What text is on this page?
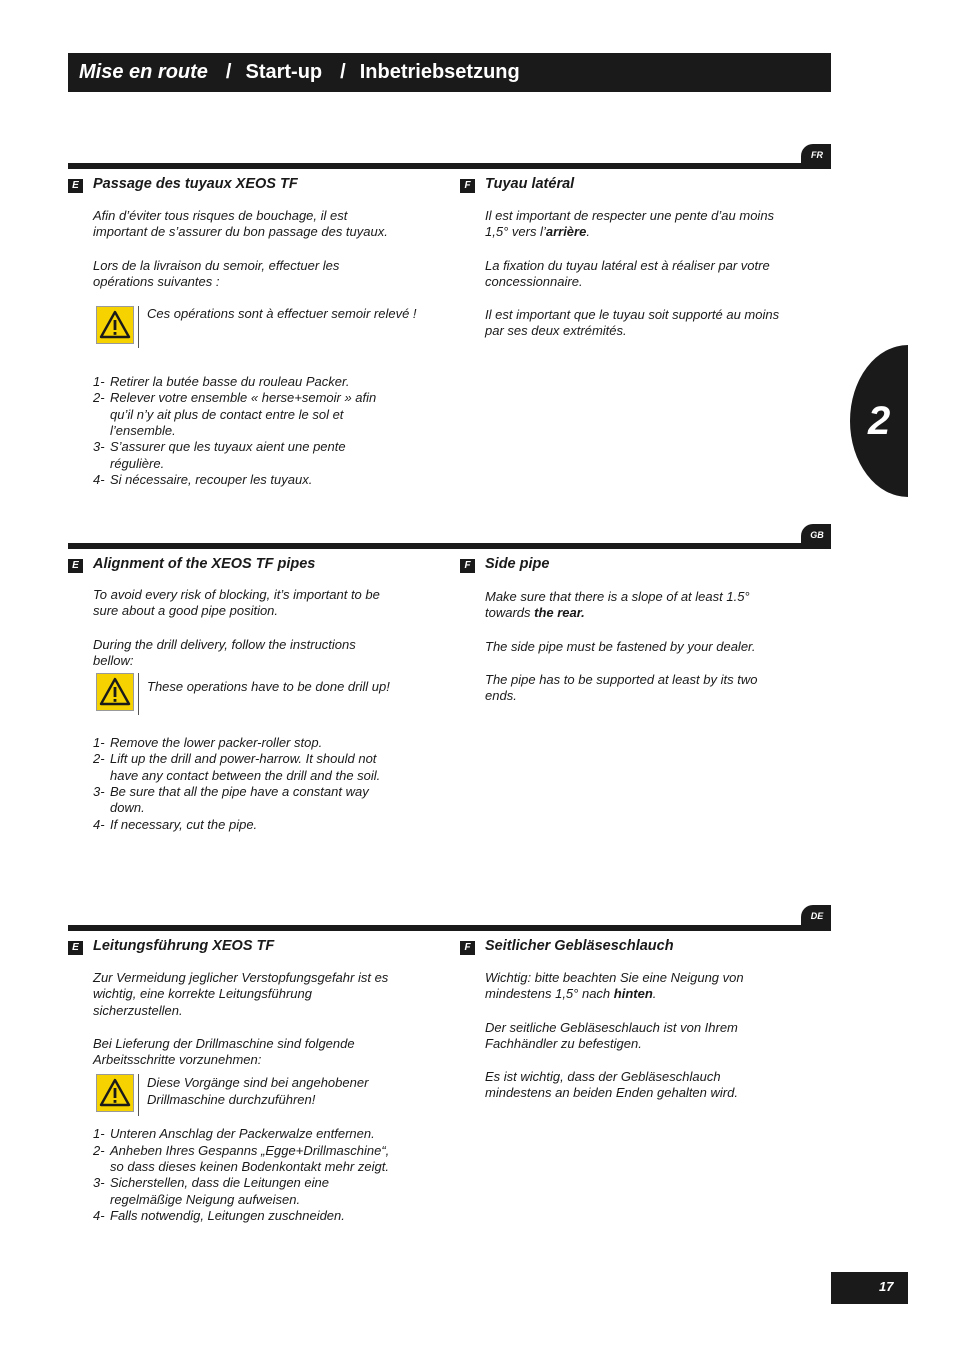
Mise en route / Start-up / Inbetriebsetzung
2
FR
E Passage des tuyaux XEOS TF

Afin d’éviter tous risques de bouchage, il est important de s’assurer du bon passage des tuyaux.

Lors de la livraison du semoir, effectuer les opérations suivantes :

Ces opérations sont à effectuer semoir relevé !
1- Retirer la butée basse du rouleau Packer.
2- Relever votre ensemble « herse+semoir » afin qu’il n’y ait plus de contact entre le sol et l’ensemble.
3- S’assurer que les tuyaux aient une pente régulière.
4- Si nécessaire, recouper les tuyaux.
F Tuyau latéral

Il est important de respecter une pente d’au moins 1,5° vers l’arrière.

La fixation du tuyau latéral est à réaliser par votre concessionnaire.

Il est important que le tuyau soit supporté au moins par ses deux extrémités.

GB
E Alignment of the XEOS TF pipes

To avoid every risk of blocking, it’s important to be sure about a good pipe position.

During the drill delivery, follow the instructions bellow:

These operations have to be done drill up!
1- Remove the lower packer-roller stop.
2- Lift up the drill and power-harrow. It should not have any contact between the drill and the soil.
3- Be sure that all the pipe have a constant way down.
4- If necessary, cut the pipe.
F Side pipe

Make sure that there is a slope of at least 1.5° towards the rear.

The side pipe must be fastened by your dealer.

The pipe has to be supported at least by its two ends.

DE
E Leitungsführung XEOS TF

Zur Vermeidung jeglicher Verstopfungsgefahr ist es wichtig, eine korrekte Leitungsführung sicherzustellen.

Bei Lieferung der Drillmaschine sind folgende Arbeitsschritte vorzunehmen:

Diese Vorgänge sind bei angehobener Drillmaschine durchzuführen!
1- Unteren Anschlag der Packerwalze entfernen.
2- Anheben Ihres Gespanns „Egge+Drillmaschine“, so dass dieses keinen Bodenkontakt mehr zeigt.
3- Sicherstellen, dass die Leitungen eine regelmäßige Neigung aufweisen.
4- Falls notwendig, Leitungen zuschneiden.
F Seitlicher Gebläseschlauch

Wichtig: bitte beachten Sie eine Neigung von mindestens 1,5° nach hinten.

Der seitliche Gebläseschlauch ist von Ihrem Fachhändler zu befestigen.

Es ist wichtig, dass der Gebläseschlauch mindestens an beiden Enden gehalten wird.

17
